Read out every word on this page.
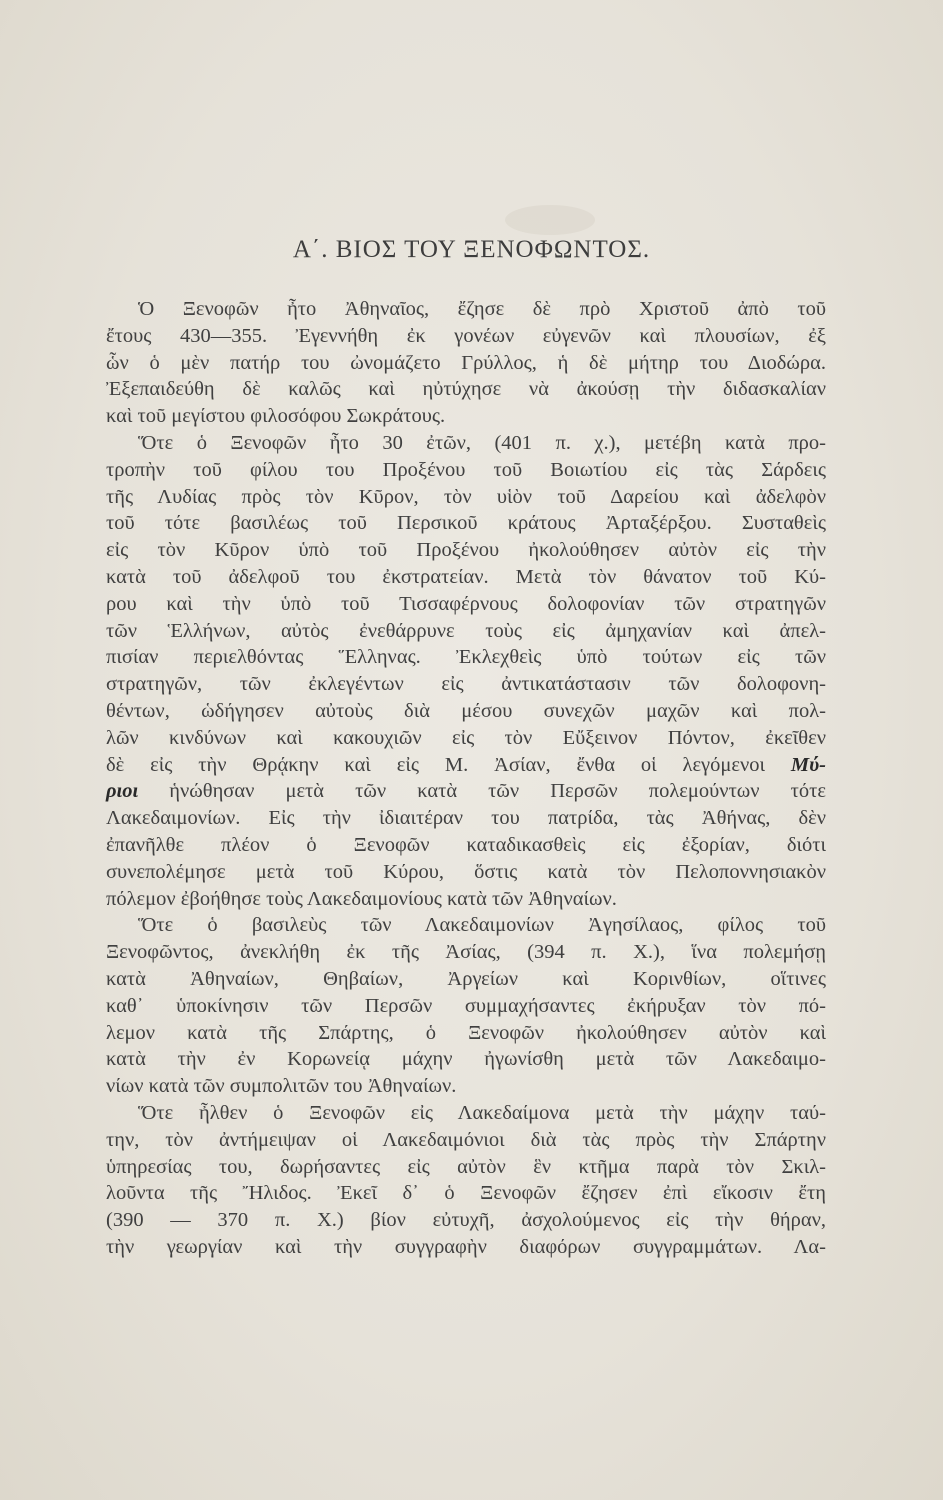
Α΄. ΒΙΟΣ ΤΟΥ ΞΕΝΟΦΩΝΤΟΣ.
Ὁ Ξενοφῶν ἦτο Ἀθηναῖος, ἔζησε δὲ πρὸ Χριστοῦ ἀπὸ τοῦ
ἔτους 430—355. Ἐγεννήθη ἐκ γονέων εὐγενῶν καὶ πλουσίων, ἐξ
ὧν ὁ μὲν πατήρ του ὠνομάζετο Γρύλλος, ἡ δὲ μήτηρ του Διοδώρα.
Ἐξεπαιδεύθη δὲ καλῶς καὶ ηὐτύχησε νὰ ἀκούσῃ τὴν διδασκαλίαν
καὶ τοῦ μεγίστου φιλοσόφου Σωκράτους.
Ὅτε ὁ Ξενοφῶν ἦτο 30 ἐτῶν, (401 π. χ.), μετέβη κατὰ προ-
τροπὴν τοῦ φίλου του Προξένου τοῦ Βοιωτίου εἰς τὰς Σάρδεις
τῆς Λυδίας πρὸς τὸν Κῦρον, τὸν υἱὸν τοῦ Δαρείου καὶ ἀδελφὸν
τοῦ τότε βασιλέως τοῦ Περσικοῦ κράτους Ἀρταξέρξου. Συσταθεὶς
εἰς τὸν Κῦρον ὑπὸ τοῦ Προξένου ἠκολούθησεν αὐτὸν εἰς τὴν
κατὰ τοῦ ἀδελφοῦ του ἐκστρατείαν. Μετὰ τὸν θάνατον τοῦ Κύ-
ρου καὶ τὴν ὑπὸ τοῦ Τισσαφέρνους δολοφονίαν τῶν στρατηγῶν
τῶν Ἑλλήνων, αὐτὸς ἐνεθάρρυνε τοὺς εἰς ἀμηχανίαν καὶ ἀπελ-
πισίαν περιελθόντας Ἕλληνας. Ἐκλεχθεὶς ὑπὸ τούτων εἰς τῶν
στρατηγῶν, τῶν ἐκλεγέντων εἰς ἀντικατάστασιν τῶν δολοφονη-
θέντων, ὡδήγησεν αὐτοὺς διὰ μέσου συνεχῶν μαχῶν καὶ πολ-
λῶν κινδύνων καὶ κακουχιῶν εἰς τὸν Εὔξεινον Πόντον, ἐκεῖθεν
δὲ εἰς τὴν Θρᾴκην καὶ εἰς Μ. Ἀσίαν, ἔνθα οἱ λεγόμενοι Μύ-
ριοι ἡνώθησαν μετὰ τῶν κατὰ τῶν Περσῶν πολεμούντων τότε
Λακεδαιμονίων. Εἰς τὴν ἰδιαιτέραν του πατρίδα, τὰς Ἀθήνας, δὲν
ἐπανῆλθε πλέον ὁ Ξενοφῶν καταδικασθεὶς εἰς ἐξορίαν, διότι
συνεπολέμησε μετὰ τοῦ Κύρου, ὅστις κατὰ τὸν Πελοποννησιακὸν
πόλεμον ἐβοήθησε τοὺς Λακεδαιμονίους κατὰ τῶν Ἀθηναίων.
Ὅτε ὁ βασιλεὺς τῶν Λακεδαιμονίων Ἀγησίλαος, φίλος τοῦ
Ξενοφῶντος, ἀνεκλήθη ἐκ τῆς Ἀσίας, (394 π. Χ.), ἵνα πολεμήσῃ
κατὰ Ἀθηναίων, Θηβαίων, Ἀργείων καὶ Κορινθίων, οἵτινες
καθ᾽ ὑποκίνησιν τῶν Περσῶν συμμαχήσαντες ἐκήρυξαν τὸν πό-
λεμον κατὰ τῆς Σπάρτης, ὁ Ξενοφῶν ἠκολούθησεν αὐτὸν καὶ
κατὰ τὴν ἐν Κορωνείᾳ μάχην ἠγωνίσθη μετὰ τῶν Λακεδαιμο-
νίων κατὰ τῶν συμπολιτῶν του Ἀθηναίων.
Ὅτε ἦλθεν ὁ Ξενοφῶν εἰς Λακεδαίμονα μετὰ τὴν μάχην ταύ-
την, τὸν ἀντήμειψαν οἱ Λακεδαιμόνιοι διὰ τὰς πρὸς τὴν Σπάρτην
ὑπηρεσίας του, δωρήσαντες εἰς αὐτὸν ἓν κτῆμα παρὰ τὸν Σκιλ-
λοῦντα τῆς Ἤλιδος. Ἐκεῖ δ᾽ ὁ Ξενοφῶν ἔζησεν ἐπὶ εἴκοσιν ἔτη
(390 — 370 π. Χ.) βίον εὐτυχῆ, ἀσχολούμενος εἰς τὴν θήραν,
τὴν γεωργίαν καὶ τὴν συγγραφὴν διαφόρων συγγραμμάτων. Λα-
